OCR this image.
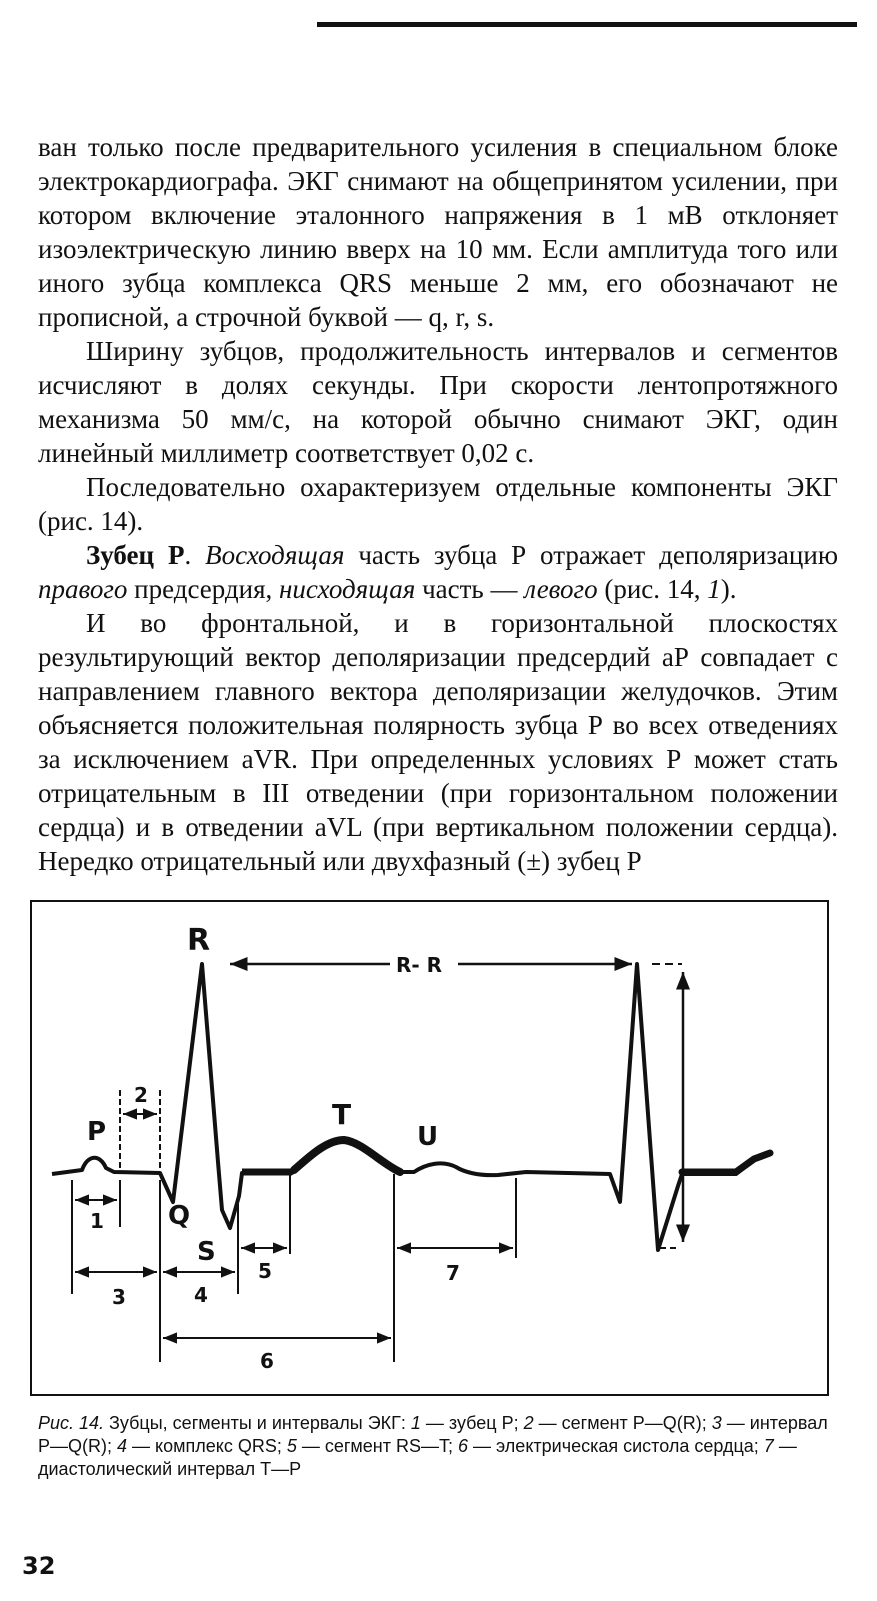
ван только после предварительного усиления в специальном блоке электрокардиографа. ЭКГ снимают на общепринятом усилении, при котором включение эталонного напряжения в 1 мВ отклоняет изоэлектрическую линию вверх на 10 мм. Если амплитуда того или иного зубца комплекса QRS меньше 2 мм, его обозначают не прописной, а строчной буквой — q, r, s.

Ширину зубцов, продолжительность интервалов и сегментов исчисляют в долях секунды. При скорости лентопротяжного механизма 50 мм/с, на которой обычно снимают ЭКГ, один линейный миллиметр соответствует 0,02 с.

Последовательно охарактеризуем отдельные компоненты ЭКГ (рис. 14).

Зубец Р. Восходящая часть зубца Р отражает деполяризацию правого предсердия, нисходящая часть — левого (рис. 14, 1).

И во фронтальной, и в горизонтальной плоскостях результирующий вектор деполяризации предсердий аР совпадает с направлением главного вектора деполяризации желудочков. Этим объясняется положительная полярность зубца Р во всех отведениях за исключением aVR. При определенных условиях Р может стать отрицательным в III отведении (при горизонтальном положении сердца) и в отведении aVL (при вертикальном положении сердца). Нередко отрицательный или двухфазный (±) зубец Р

R
P
T
U
Q
S
R- R
2
1
3	4
5	7
6
Рис. 14. Зубцы, сегменты и интервалы ЭКГ: 1 — зубец P; 2 — сегмент P—Q(R); 3 — интервал P—Q(R); 4 — комплекс QRS; 5 — сегмент RS—T; 6 — электрическая систола сердца; 7 — диастолический интервал T—P
32
